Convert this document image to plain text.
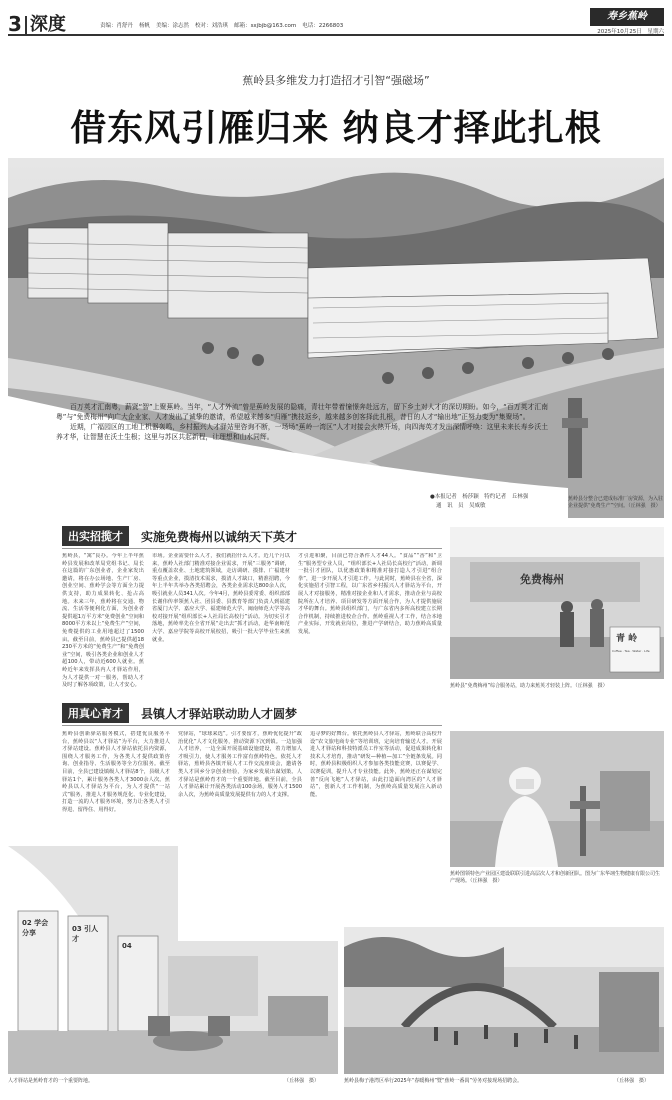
3 深度	责编：肖舒丹 杨帆 美编：涂志然 校对：刘浩琪 邮箱：sxjbjb@163.com 电话：2266803
寿乡蕉岭
2025年10月25日 星期六
蕉岭县多维发力打造招才引智“强磁场”
借东风引雁归来 纳良才择此扎根
百万英才汇南粤，薪贤“智”上聚蕉岭。当年，“人才外流”曾是蕉岭发展的隐痛，青壮年带着憧憬奔赴远方，留下乡土对人才的深切期盼。如今，“百万英才汇南粤”与“免费梅州”向广大企业家、人才发出了诚挚的邀请，希望越来越多“归雁”携技返乡，越来越多创客择此扎根，昔日的人才“输出地”正努力变为“集聚场”。
近期，广福园区的工地上机器轰鸣，乡村振兴人才驿站里咨询不断，一场场“蕉岭一湾区”人才对接会火热开场，向四海英才发出深情呼唤：这里未来长寿乡沃土养才华，让智慧在沃土生根；这里与苏区共起新程，让理想和山水同辉。
●本报记者　杨莎颖　特约记者　丘林强
通　讯　员　吴威敏
蕉岭县分整合已建成标准厂房资源，为入驻企业提供“免费生产”空间。（丘林强　摄）
出实招揽才	实施免费梅州以诚纳天下英才
蕉岭县，“寓”良办。今年上半年蕉岭县发展和改革局党组书记、局长在这篇的广东创业者，企业家发出邀请，将在办公场地、生产厂房、创业空间、蕉岭学会等方面全力提供支持，助力成果转化、抢占高地。未来三年，蕉岭将在交通、物流、生活等便利化方面，为创业者提供超1万平方米“免费创业”空间和8000平方米以上“免费生产”空间，免费提供的工业用地超过了1500亩。截至目前，蕉岭县已提供超1823​0平方米的“免费生产”和“免费创业”空间，吸引各类企业和创业人才超100人，带动近600人就业。蕉岭近年来发挥县内人才驿站作用，为人才提供一对一服务，帮助人才及时了解各项政策，让人才安心。
市场。企业需要什么人才，我们就招什么人才。近几个月以来，蕉岭人社部门精准对接企业需求，开展“三服务”调研，重点覆盖农业、土地建筑领域，走访调研、摸排、广福建材等重点企业，摸清技术需求，摸清人才缺口，精准招聘，今年上半年共举办各类招聘会，各类企业需求达800余人次，吸引就业人员341人次。今年4月，蕉岭县委常委、组织部部长谢伟传率领蕉人社、团县委、县教育等部门负责人到福建省厦门大学、嘉应大学、福建师范大学、闽南师范大学等高校对接开展“组织部长+人社局长高校行”活动。为切实引才落地，蕉岭率先在全省开展“走出去”抓才活动，赴华南师范大学、嘉应学院等高校开展校招，吸引一批大学毕业生来蕉就业。
才引进和聚，目前已符合条件人才44人。“食品”“香”和“卫生”服务型专业人员，“组织部长+人社局长高校行”活动，新调一批引才团队，以优惠政策和精准对接打造人才引进“组合拳”，进一步开展人才引进工作。与此同时，蕉岭县在全省，深化实施招才引智工程，以广东省乡村振兴人才驿站为平台，开展人才对接服务，精准对接企业和人才需求，推动企业与高校院所在人才培养、项目研发等方面开展合作，为人才提供施展才华的舞台。蕉岭县组织部门，与广东省内多所高校建立长期合作机制，持续推进校企合作。蕉岭重视人才工作，结合本地产业实际，开发就业岗位，推进产学研结合，助力蕉岭高质量发展。
免费梅州
青 岭
Coffee · Tea · Water · Life
蕉岭县“免费梅州”综合服务站，助力来蕉英才轻装上阵。（丘林强　摄）
用真心育才	县镇人才驿站联动助人才圆梦
蕉岭县创新驿站服务模式，搭建优良服务平台，蕉岭县以“人才驿站”为平台，大力推进人才驿站建设。蕉岭县人才驿站依托县内资源，围绕人才服务工作，为各类人才提供政策咨询、创业指导、生活服务等全方位服务。截至目前，全县已建设镇级人才驿站8个，县级人才驿站1个，累计服务各类人才3000余人次。蕉岭县以人才驿站为平台，为人才提供“一站式”服务，推进人才服务规范化、专业化建设，打造一流的人才服务环境，努力让各类人才引得进、留得住、用得好。
党驿站，“球球来选”。引才要留才，蕉岭优化提升“政治优化”人才文化服务，推动资源下沉到镇。一边加强人才培养，一边全面开展基础设施建设，着力增加人才吸引力，使人才服务工作富有蕉岭特色。依托人才驿站，蕉岭县各镇开展人才工作交流座谈会，邀请各类人才回乡分享创业经验，为家乡发展出谋划策。人才驿站是蕉岭育才的一个重要阵地。截至目前，全县人才驿站累计开展各类活动100余场，服务人才1500余人次，为蕉岭高质量发展提供有力的人才支撑。
追寻梦的好舞台。依托蕉岭县人才驿站，蕉岭联合高校开设“农文旅电商专业”等培训班，定向培育输送人才。开展进人才驿站和科技特派员工作室等活动，促进成果转化和技术人才培育，推动“研发—种植—加工”全链条发展。同时，蕉岭县积极组织人才参加各类技能竞赛，以赛促学、以赛促训，提升人才专业技能。此外，蕉岭还正在谋划完善“反向飞地”人才驿站，由此打造面向湾区的“人才驿站”，创新人才工作机制，为蕉岭高质量发展注入新动能。
蕉岭图领特色产业园区建设联联引进高层次人才和创新团队。图为广东华翊生物健康有限公司生产现场。（丘林强　摄）
02 学会 分享	03 引人 才
04
人才驿站是蕉岭育才的一个重要阵地。	（丘林强　摄）	蕉岭县梅子港湾区举行2025年“春暖梅州”暨“蕉岭一番禺”劳务对接现场招聘会。	（丘林强　摄）
